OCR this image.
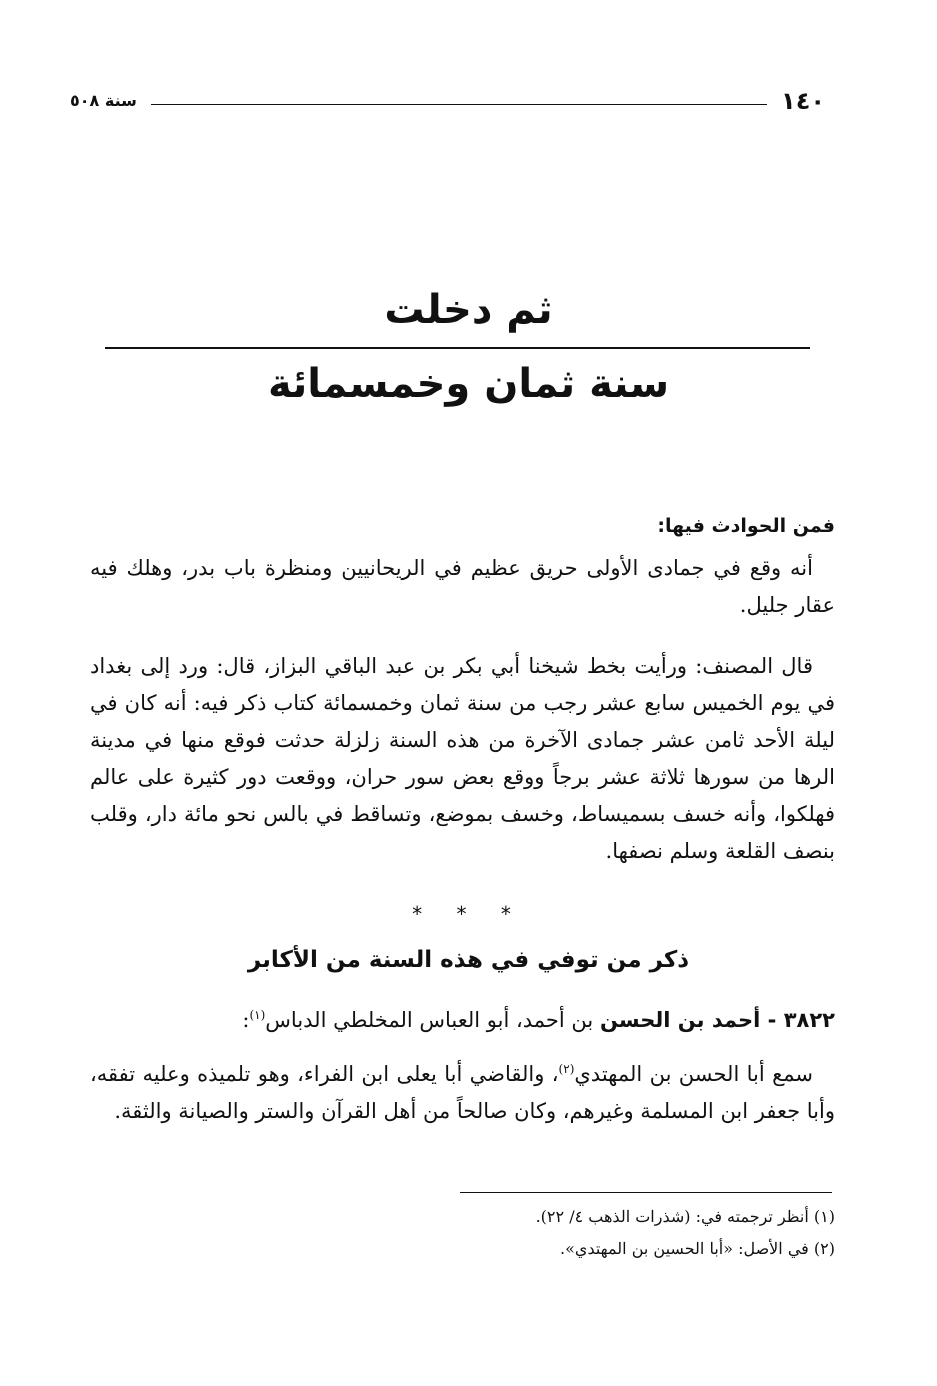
١٤٠
سنة ٥٠٨
ثم دخلت
سنة ثمان وخمسمائة
فمن الحوادث فيها:
أنه وقع في جمادى الأولى حريق عظيم في الريحانيين ومنظرة باب بدر، وهلك فيه عقار جليل.
قال المصنف: ورأيت بخط شيخنا أبي بكر بن عبد الباقي البزاز، قال: ورد إلى بغداد في يوم الخميس سابع عشر رجب من سنة ثمان وخمسمائة كتاب ذكر فيه: أنه كان في ليلة الأحد ثامن عشر جمادى الآخرة من هذه السنة زلزلة حدثت فوقع منها في مدينة الرها من سورها ثلاثة عشر برجاً ووقع بعض سور حران، ووقعت دور كثيرة على عالم فهلكوا، وأنه خسف بسميساط، وخسف بموضع، وتساقط في بالس نحو مائة دار، وقلب بنصف القلعة وسلم نصفها.
* * *
ذكر من توفي في هذه السنة من الأكابر
٣٨٢٢ - أحمد بن الحسن بن أحمد، أبو العباس المخلطي الدباس$^{(١)}$:
سمع أبا الحسن بن المهتدي$^{(٢)}$، والقاضي أبا يعلى ابن الفراء، وهو تلميذه وعليه تفقه، وأبا جعفر ابن المسلمة وغيرهم، وكان صالحاً من أهل القرآن والستر والصيانة والثقة.
(١) أنظر ترجمته في: (شذرات الذهب ٤/ ٢٢).
(٢) في الأصل: «أبا الحسين بن المهتدي».
